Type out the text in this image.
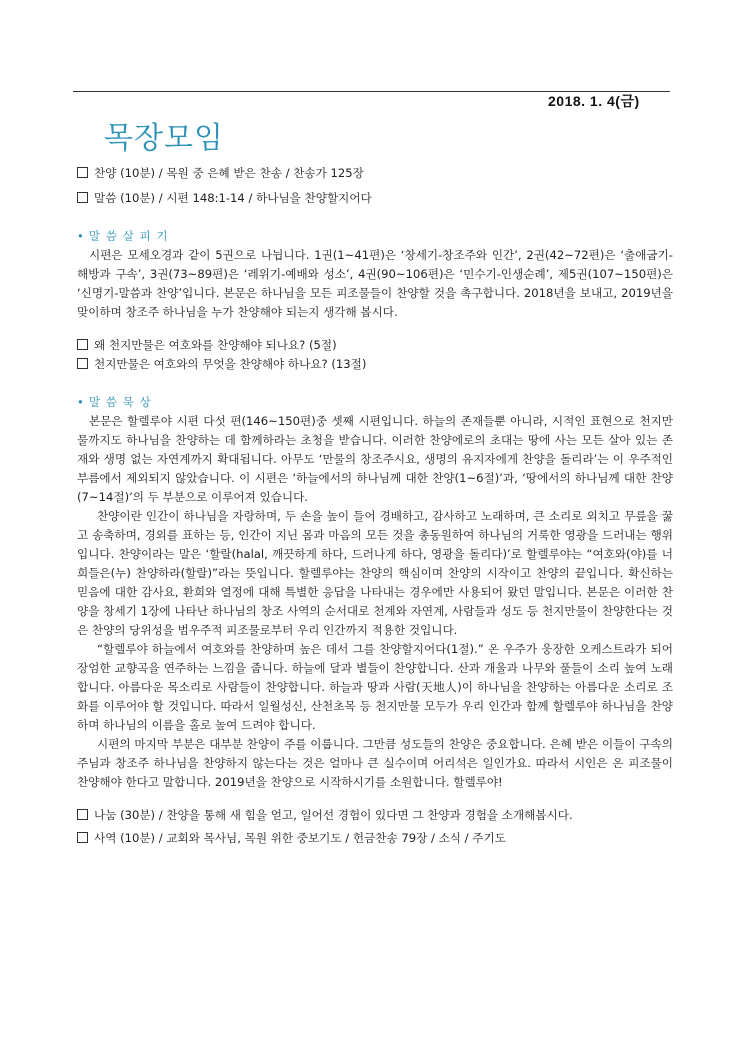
2018. 1. 4(금)
목장모임
찬양 (10분) / 목원 중 은혜 받은 찬송 / 찬송가 125장
말씀 (10분) / 시편 148:1-14 / 하나님을 찬양할지어다
• 말 씀 살 피 기
시편은 모세오경과 같이 5권으로 나뉩니다. 1권(1~41편)은 ‘창세기-창조주와 인간’, 2권(42~72편)은 ‘출애굽기-해방과 구속’, 3권(73~89편)은 ‘레위기-예배와 성소’, 4권(90~106편)은 ‘민수기-인생순례’, 제5권(107~150편)은 ‘신명기-말씀과 찬양’입니다. 본문은 하나님을 모든 피조물들이 찬양할 것을 촉구합니다. 2018년을 보내고, 2019년을 맞이하며 창조주 하나님을 누가 찬양해야 되는지 생각해 봅시다.
왜 천지만물은 여호와를 찬양해야 되나요? (5절)
천지만물은 여호와의 무엇을 찬양해야 하나요? (13절)
• 말 씀 묵 상
본문은 할렐루야 시편 다섯 편(146~150편)중 셋째 시편입니다. 하늘의 존재들뿐 아니라, 시적인 표현으로 천지만물까지도 하나님을 찬양하는 데 함께하라는 초청을 받습니다. 이러한 찬양에로의 초대는 땅에 사는 모든 살아 있는 존재와 생명 없는 자연계까지 확대됩니다. 아무도 ‘만물의 창조주시요, 생명의 유지자에게 찬양을 돌리라’는 이 우주적인 부름에서 제외되지 않았습니다. 이 시편은 ‘하늘에서의 하나님께 대한 찬양(1~6절)’과, ‘땅에서의 하나님께 대한 찬양(7~14절)’의 두 부분으로 이루어져 있습니다.
찬양이란 인간이 하나님을 자랑하며, 두 손을 높이 들어 경배하고, 감사하고 노래하며, 큰 소리로 외치고 무릎을 꿇고 송축하며, 경외를 표하는 등, 인간이 지닌 몸과 마음의 모든 것을 총동원하여 하나님의 거룩한 영광을 드러내는 행위입니다. 찬양이라는 말은 ‘할랄(halal, 깨끗하게 하다, 드러나게 하다, 영광을 돌리다)’로 할렐루야는 “여호와(야)를 너희들은(누) 찬양하라(할랄)”라는 뜻입니다. 할렐루야는 찬양의 핵심이며 찬양의 시작이고 찬양의 끝입니다. 확신하는 믿음에 대한 감사요, 환희와 열정에 대해 특별한 응답을 나타내는 경우에만 사용되어 왔던 말입니다. 본문은 이러한 찬양을 창세기 1장에 나타난 하나님의 창조 사역의 순서대로 천계와 자연계, 사람들과 성도 등 천지만물이 찬양한다는 것은 찬양의 당위성을 범우주적 피조물로부터 우리 인간까지 적용한 것입니다.
“할렐루야 하늘에서 여호와를 찬양하며 높은 데서 그를 찬양할지어다(1절).” 온 우주가 웅장한 오케스트라가 되어 장엄한 교향곡을 연주하는 느낌을 줍니다. 하늘에 달과 별들이 찬양합니다. 산과 개울과 나무와 풀들이 소리 높여 노래합니다. 아름다운 목소리로 사람들이 찬양합니다. 하늘과 땅과 사람(天地人)이 하나님을 찬양하는 아름다운 소리로 조화를 이루어야 할 것입니다. 따라서 일월성신, 산천초목 등 천지만물 모두가 우리 인간과 함께 할렐루야 하나님을 찬양하며 하나님의 이름을 홀로 높여 드려야 합니다.
시편의 마지막 부분은 대부분 찬양이 주를 이룹니다. 그만큼 성도들의 찬양은 중요합니다. 은혜 받은 이들이 구속의 주님과 창조주 하나님을 찬양하지 않는다는 것은 얼마나 큰 실수이며 어리석은 일인가요. 따라서 시인은 온 피조물이 찬양해야 한다고 말합니다. 2019년을 찬양으로 시작하시기를 소원합니다. 할렐루야!
나눔 (30분) / 찬양을 통해 새 힘을 얻고, 일어선 경험이 있다면 그 찬양과 경험을 소개해봅시다.
사역 (10분) / 교회와 목사님, 목원 위한 중보기도 / 헌금찬송 79장 / 소식 / 주기도
